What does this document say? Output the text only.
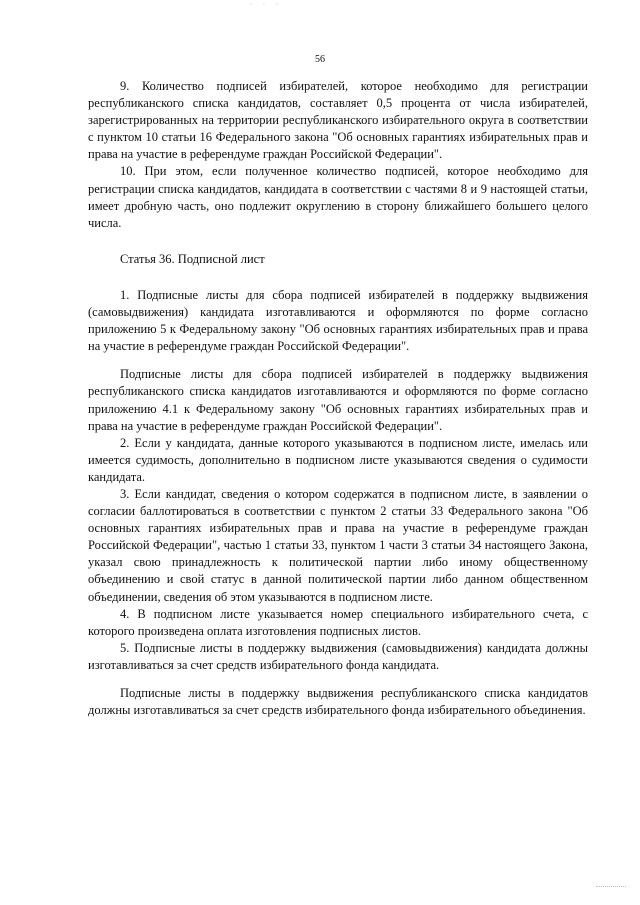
· · ·
56

9. Количество подписей избирателей, которое необходимо для регистрации республиканского списка кандидатов, составляет 0,5 процента от числа избирателей, зарегистрированных на территории республиканского избирательного округа в соответствии с пунктом 10 статьи 16 Федерального закона "Об основных гарантиях избирательных прав и права на участие в референдуме граждан Российской Федерации".

10. При этом, если полученное количество подписей, которое необходимо для регистрации списка кандидатов, кандидата в соответствии с частями 8 и 9 настоящей статьи, имеет дробную часть, оно подлежит округлению в сторону ближайшего большего целого числа.

Статья 36. Подписной лист

1. Подписные листы для сбора подписей избирателей в поддержку выдвижения (самовыдвижения) кандидата изготавливаются и оформляются по форме согласно приложению 5 к Федеральному закону "Об основных гарантиях избирательных прав и права на участие в референдуме граждан Российской Федерации".

Подписные листы для сбора подписей избирателей в поддержку выдвижения республиканского списка кандидатов изготавливаются и оформляются по форме согласно приложению 4.1 к Федеральному закону "Об основных гарантиях избирательных прав и права на участие в референдуме граждан Российской Федерации".

2. Если у кандидата, данные которого указываются в подписном листе, имелась или имеется судимость, дополнительно в подписном листе указываются сведения о судимости кандидата.

3. Если кандидат, сведения о котором содержатся в подписном листе, в заявлении о согласии баллотироваться в соответствии с пунктом 2 статьи 33 Федерального закона "Об основных гарантиях избирательных прав и права на участие в референдуме граждан Российской Федерации", частью 1 статьи 33, пунктом 1 части 3 статьи 34 настоящего Закона, указал свою принадлежность к политической партии либо иному общественному объединению и свой статус в данной политической партии либо данном общественном объединении, сведения об этом указываются в подписном листе.

4. В подписном листе указывается номер специального избирательного счета, с которого произведена оплата изготовления подписных листов.

5. Подписные листы в поддержку выдвижения (самовыдвижения) кандидата должны изготавливаться за счет средств избирательного фонда кандидата.

Подписные листы в поддержку выдвижения республиканского списка кандидатов должны изготавливаться за счет средств избирательного фонда избирательного объединения.
